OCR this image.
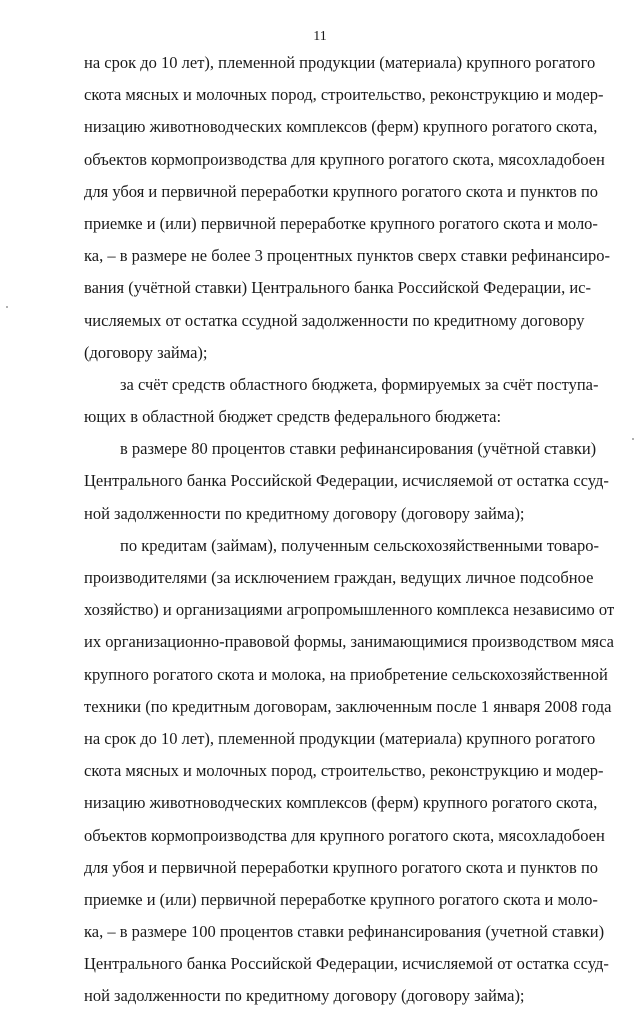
11
на срок до 10 лет), племенной продукции (материала) крупного рогатого
скота мясных и молочных пород, строительство, реконструкцию и модер-
низацию животноводческих комплексов (ферм) крупного рогатого скота,
объектов кормопроизводства для крупного рогатого скота, мясохладобоен
для убоя и первичной переработки крупного рогатого скота и пунктов по
приемке и (или) первичной переработке крупного рогатого скота и моло-
ка, – в размере не более 3 процентных пунктов сверх ставки рефинансиро-
вания (учётной ставки) Центрального банка Российской Федерации, ис-
числяемых от остатка ссудной задолженности по кредитному договору
(договору займа);
за счёт средств областного бюджета, формируемых за счёт поступа-
ющих в областной бюджет средств федерального бюджета:
в размере 80 процентов ставки рефинансирования (учётной ставки)
Центрального банка Российской Федерации, исчисляемой от остатка ссуд-
ной задолженности по кредитному договору (договору займа);
по кредитам (займам), полученным сельскохозяйственными товаро-
производителями (за исключением граждан, ведущих личное подсобное
хозяйство) и организациями агропромышленного комплекса независимо от
их организационно-правовой формы, занимающимися производством мяса
крупного рогатого скота и молока, на приобретение сельскохозяйственной
техники (по кредитным договорам, заключенным после 1 января 2008 года
на срок до 10 лет), племенной продукции (материала) крупного рогатого
скота мясных и молочных пород, строительство, реконструкцию и модер-
низацию животноводческих комплексов (ферм) крупного рогатого скота,
объектов кормопроизводства для крупного рогатого скота, мясохладобоен
для убоя и первичной переработки крупного рогатого скота и пунктов по
приемке и (или) первичной переработке крупного рогатого скота и моло-
ка, – в размере 100 процентов ставки рефинансирования (учетной ставки)
Центрального банка Российской Федерации, исчисляемой от остатка ссуд-
ной задолженности по кредитному договору (договору займа);
